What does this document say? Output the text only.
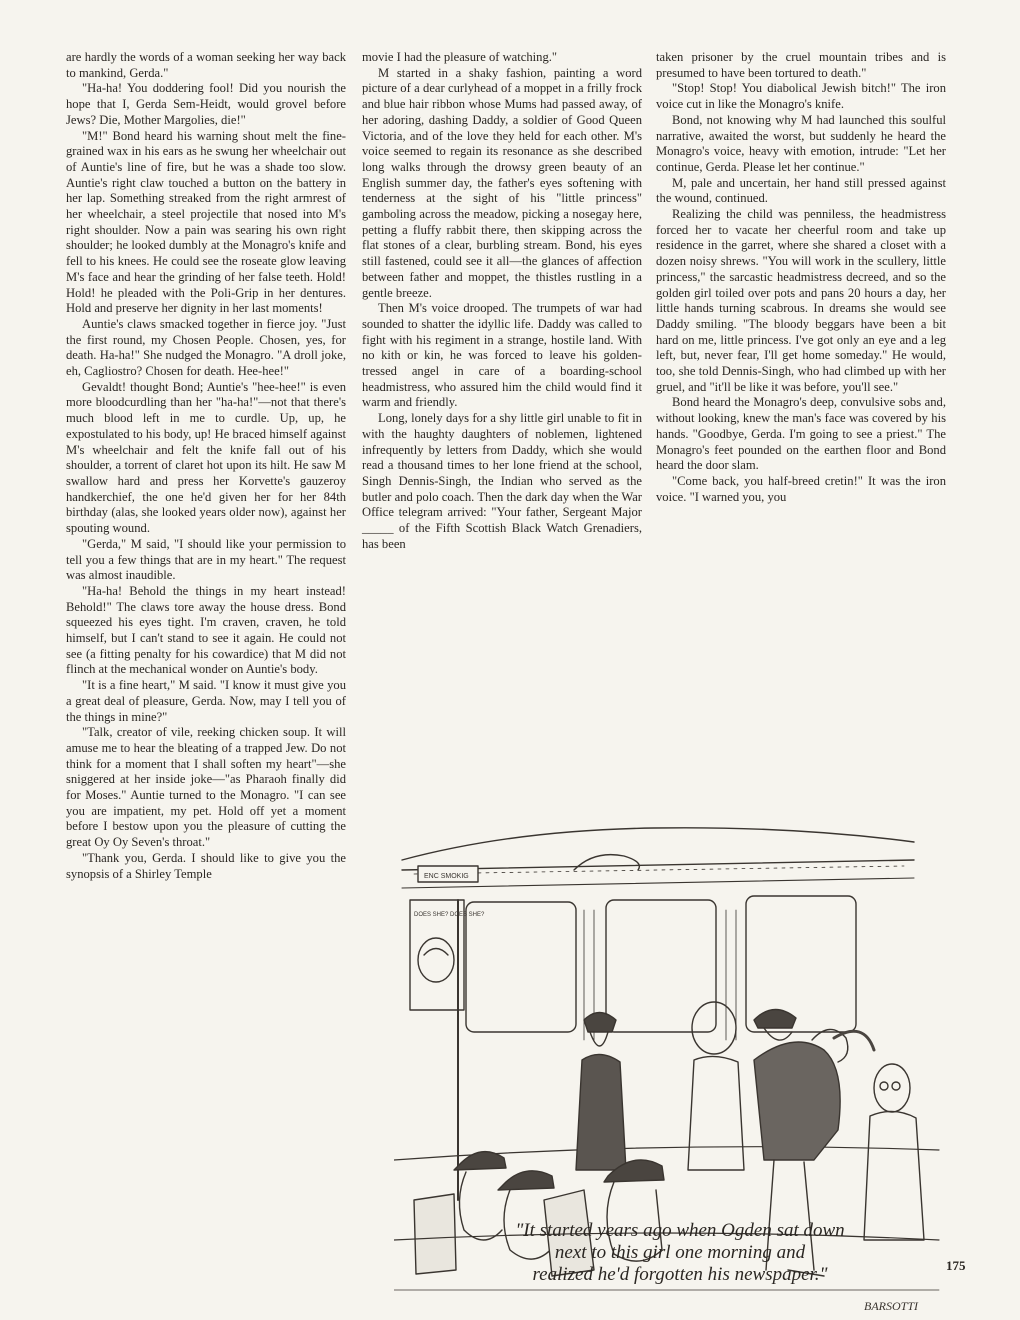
are hardly the words of a woman seeking her way back to mankind, Gerda."

"Ha-ha! You doddering fool! Did you nourish the hope that I, Gerda Sem-Heidt, would grovel before Jews? Die, Mother Margolies, die!"

"M!" Bond heard his warning shout melt the fine-grained wax in his ears as he swung her wheelchair out of Auntie's line of fire, but he was a shade too slow. Auntie's right claw touched a button on the battery in her lap. Something streaked from the right armrest of her wheelchair, a steel projectile that nosed into M's right shoulder. Now a pain was searing his own right shoulder; he looked dumbly at the Monagro's knife and fell to his knees. He could see the roseate glow leaving M's face and hear the grinding of her false teeth. Hold! Hold! he pleaded with the Poli-Grip in her dentures. Hold and preserve her dignity in her last moments!

Auntie's claws smacked together in fierce joy. "Just the first round, my Chosen People. Chosen, yes, for death. Ha-ha!" She nudged the Monagro. "A droll joke, eh, Cagliostro? Chosen for death. Hee-hee!"

Gevaldt! thought Bond; Auntie's "hee-hee!" is even more bloodcurdling than her "ha-ha!"—not that there's much blood left in me to curdle. Up, up, he expostulated to his body, up! He braced himself against M's wheelchair and felt the knife fall out of his shoulder, a torrent of claret hot upon its hilt. He saw M swallow hard and press her Korvette's gauzeroy handkerchief, the one he'd given her for her 84th birthday (alas, she looked years older now), against her spouting wound.

"Gerda," M said, "I should like your permission to tell you a few things that are in my heart." The request was almost inaudible.

"Ha-ha! Behold the things in my heart instead! Behold!" The claws tore away the house dress. Bond squeezed his eyes tight. I'm craven, craven, he told himself, but I can't stand to see it again. He could not see (a fitting penalty for his cowardice) that M did not flinch at the mechanical wonder on Auntie's body.

"It is a fine heart," M said. "I know it must give you a great deal of pleasure, Gerda. Now, may I tell you of the things in mine?"

"Talk, creator of vile, reeking chicken soup. It will amuse me to hear the bleating of a trapped Jew. Do not think for a moment that I shall soften my heart"—she sniggered at her inside joke—"as Pharaoh finally did for Moses." Auntie turned to the Monagro. "I can see you are impatient, my pet. Hold off yet a moment before I bestow upon you the pleasure of cutting the great Oy Oy Seven's throat."

"Thank you, Gerda. I should like to give you the synopsis of a Shirley Temple

movie I had the pleasure of watching."

M started in a shaky fashion, painting a word picture of a dear curlyhead of a moppet in a frilly frock and blue hair ribbon whose Mums had passed away, of her adoring, dashing Daddy, a soldier of Good Queen Victoria, and of the love they held for each other. M's voice seemed to regain its resonance as she described long walks through the drowsy green beauty of an English summer day, the father's eyes softening with tenderness at the sight of his "little princess" gamboling across the meadow, picking a nosegay here, petting a fluffy rabbit there, then skipping across the flat stones of a clear, burbling stream. Bond, his eyes still fastened, could see it all—the glances of affection between father and moppet, the thistles rustling in a gentle breeze.

Then M's voice drooped. The trumpets of war had sounded to shatter the idyllic life. Daddy was called to fight with his regiment in a strange, hostile land. With no kith or kin, he was forced to leave his golden-tressed angel in care of a boarding-school headmistress, who assured him the child would find it warm and friendly.

Long, lonely days for a shy little girl unable to fit in with the haughty daughters of noblemen, lightened infrequently by letters from Daddy, which she would read a thousand times to her lone friend at the school, Singh Dennis-Singh, the Indian who served as the butler and polo coach. Then the dark day when the War Office telegram arrived: "Your father, Sergeant Major _____ of the Fifth Scottish Black Watch Grenadiers, has been

taken prisoner by the cruel mountain tribes and is presumed to have been tortured to death."

"Stop! Stop! You diabolical Jewish bitch!" The iron voice cut in like the Monagro's knife.

Bond, not knowing why M had launched this soulful narrative, awaited the worst, but suddenly he heard the Monagro's voice, heavy with emotion, intrude: "Let her continue, Gerda. Please let her continue."

M, pale and uncertain, her hand still pressed against the wound, continued.

Realizing the child was penniless, the headmistress forced her to vacate her cheerful room and take up residence in the garret, where she shared a closet with a dozen noisy shrews. "You will work in the scullery, little princess," the sarcastic headmistress decreed, and so the golden girl toiled over pots and pans 20 hours a day, her little hands turning scabrous. In dreams she would see Daddy smiling. "The bloody beggars have been a bit hard on me, little princess. I've got only an eye and a leg left, but, never fear, I'll get home someday." He would, too, she told Dennis-Singh, who had climbed up with her gruel, and "it'll be like it was before, you'll see."

Bond heard the Monagro's deep, convulsive sobs and, without looking, knew the man's face was covered by his hands. "Goodbye, Gerda. I'm going to see a priest." The Monagro's feet pounded on the earthen floor and Bond heard the door slam.

"Come back, you half-breed cretin!" It was the iron voice. "I warned you, you

ENC SMOKIG
DOES SHE? DOES SHE?
BARSOTTI
"It started years ago when Ogden sat down
next to this girl one morning and
realized he'd forgotten his newspaper."	175
